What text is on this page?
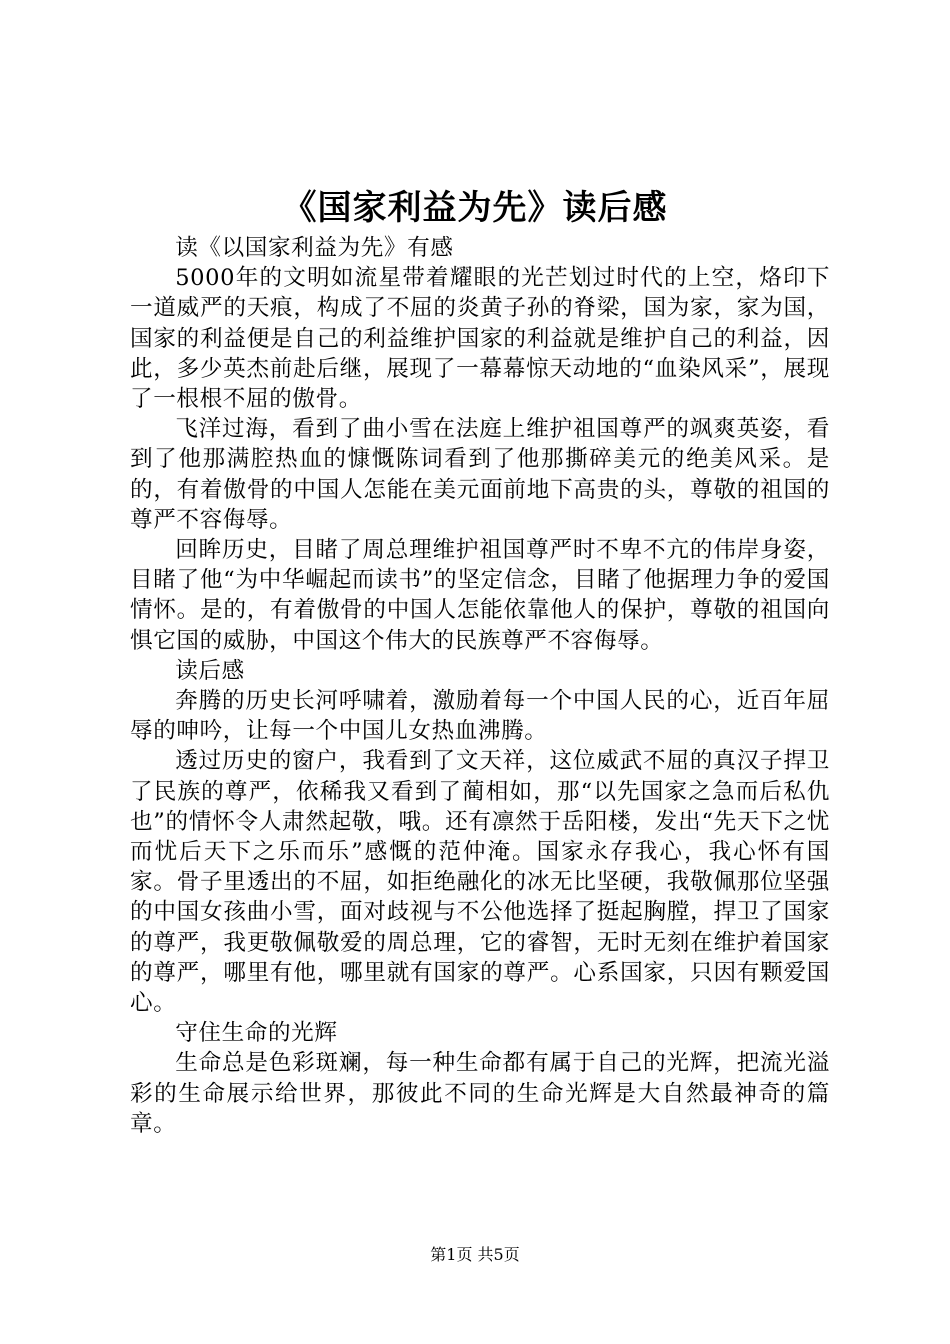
《国家利益为先》读后感

读《以国家利益为先》有感

5000年的文明如流星带着耀眼的光芒划过时代的上空，烙印下一道威严的天痕，构成了不屈的炎黄子孙的脊梁，国为家，家为国，国家的利益便是自己的利益维护国家的利益就是维护自己的利益，因此，多少英杰前赴后继，展现了一幕幕惊天动地的“血染风采”，展现了一根根不屈的傲骨。

飞洋过海，看到了曲小雪在法庭上维护祖国尊严的飒爽英姿，看到了他那满腔热血的慷慨陈词看到了他那撕碎美元的绝美风采。是的，有着傲骨的中国人怎能在美元面前地下高贵的头，尊敬的祖国的尊严不容侮辱。

回眸历史，目睹了周总理维护祖国尊严时不卑不亢的伟岸身姿，目睹了他“为中华崛起而读书”的坚定信念，目睹了他据理力争的爱国情怀。是的，有着傲骨的中国人怎能依靠他人的保护，尊敬的祖国向惧它国的威胁，中国这个伟大的民族尊严不容侮辱。

读后感

奔腾的历史长河呼啸着，激励着每一个中国人民的心，近百年屈辱的呻吟，让每一个中国儿女热血沸腾。

透过历史的窗户，我看到了文天祥，这位威武不屈的真汉子捍卫了民族的尊严，依稀我又看到了蔺相如，那“以先国家之急而后私仇也”的情怀令人肃然起敬，哦。还有凛然于岳阳楼，发出“先天下之忧而忧后天下之乐而乐”感慨的范仲淹。国家永存我心，我心怀有国家。骨子里透出的不屈，如拒绝融化的冰无比坚硬，我敬佩那位坚强的中国女孩曲小雪，面对歧视与不公他选择了挺起胸膛，捍卫了国家的尊严，我更敬佩敬爱的周总理，它的睿智，无时无刻在维护着国家的尊严，哪里有他，哪里就有国家的尊严。心系国家，只因有颗爱国心。

守住生命的光辉

生命总是色彩斑斓，每一种生命都有属于自己的光辉，把流光溢彩的生命展示给世界，那彼此不同的生命光辉是大自然最神奇的篇章。

第1页 共5页
